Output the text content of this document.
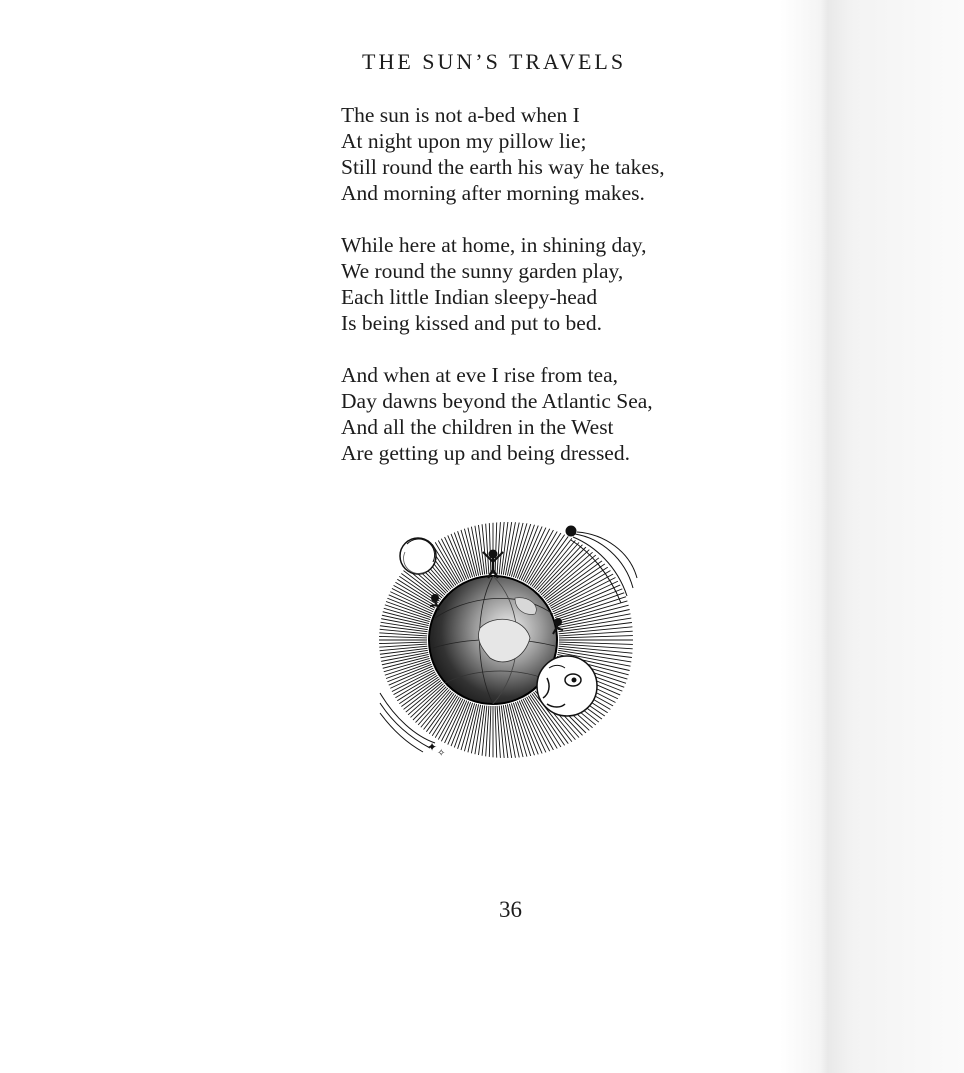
THE SUN’S TRAVELS
The sun is not a-bed when I
At night upon my pillow lie;
Still round the earth his way he takes,
And morning after morning makes.
While here at home, in shining day,
We round the sunny garden play,
Each little Indian sleepy-head
Is being kissed and put to bed.
And when at eve I rise from tea,
Day dawns beyond the Atlantic Sea,
And all the children in the West
Are getting up and being dressed.
✦ ✧
36
